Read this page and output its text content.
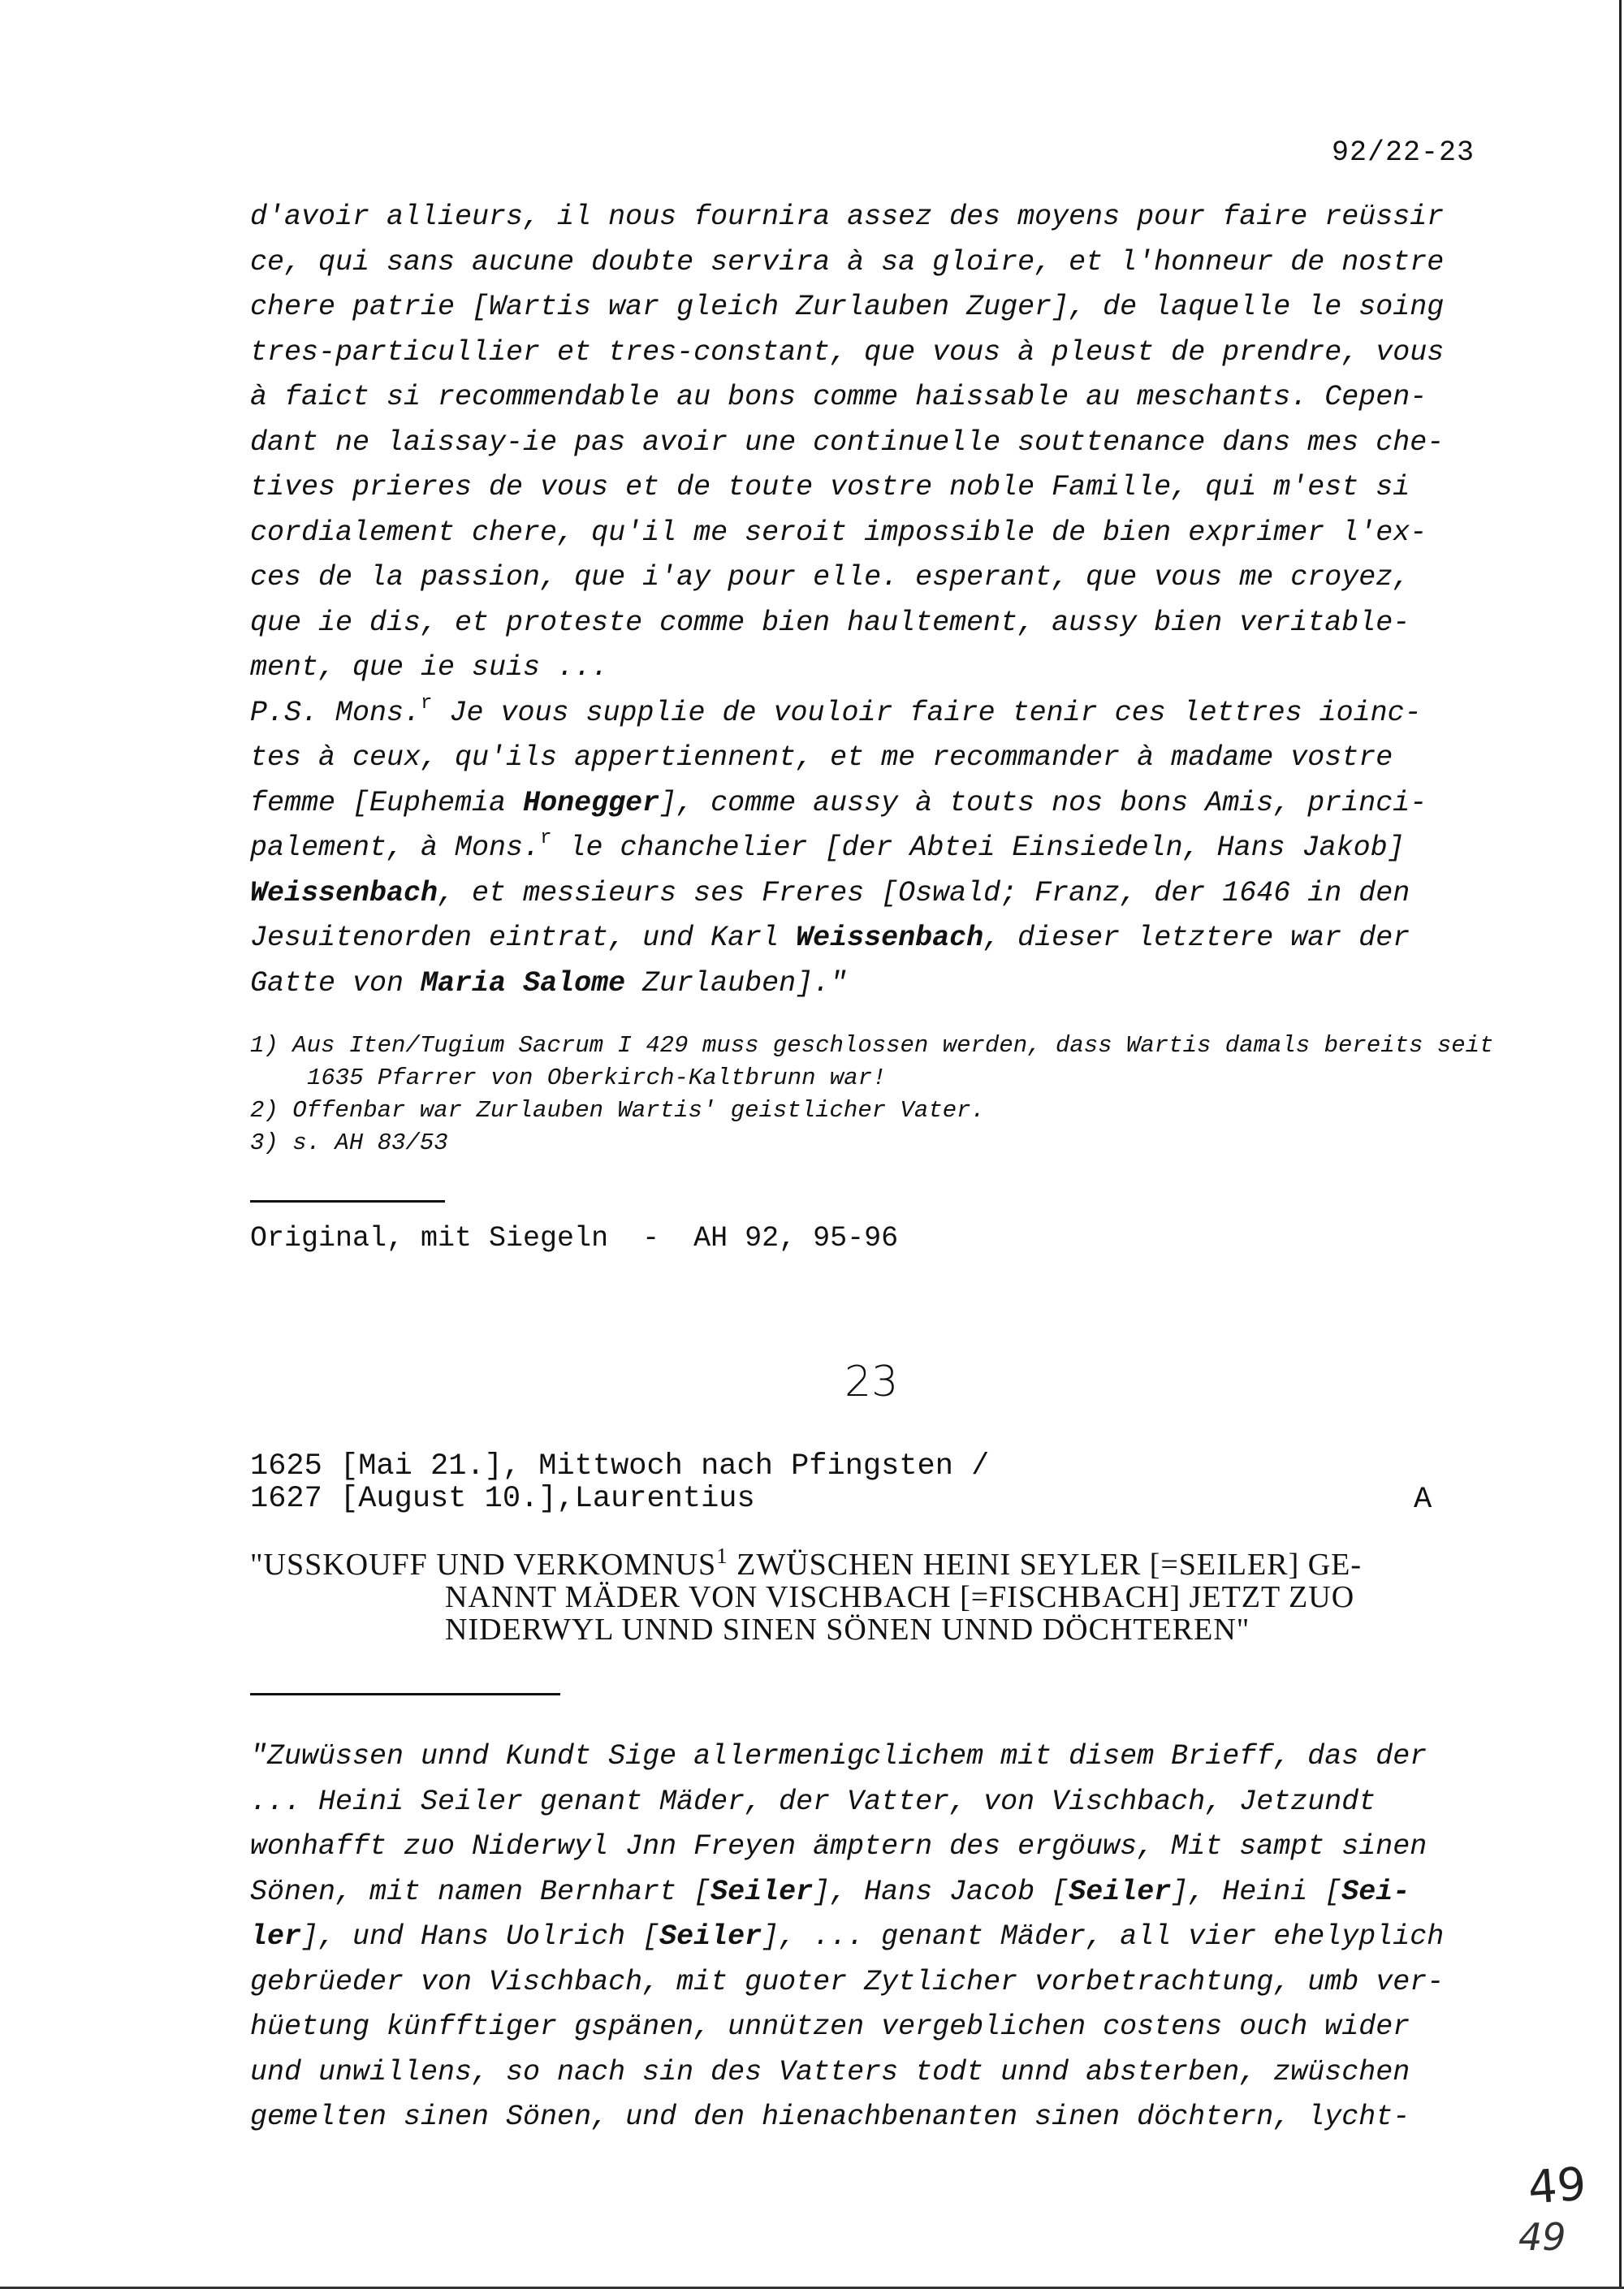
92/22-23
d'avoir allieurs, il nous fournira assez des moyens pour faire reüssir
ce, qui sans aucune doubte servira à sa gloire, et l'honneur de nostre
chere patrie [Wartis war gleich Zurlauben Zuger], de laquelle le soing
tres-particullier et tres-constant, que vous à pleust de prendre, vous
à faict si recommendable au bons comme haissable au meschants. Cepen-
dant ne laissay-ie pas avoir une continuelle souttenance dans mes che-
tives prieres de vous et de toute vostre noble Famille, qui m'est si
cordialement chere, qu'il me seroit impossible de bien exprimer l'ex-
ces de la passion, que i'ay pour elle. esperant, que vous me croyez,
que ie dis, et proteste comme bien haultement, aussy bien veritable-
ment, que ie suis ...
P.S. Mons.$^r$ Je vous supplie de vouloir faire tenir ces lettres ioinc-
tes à ceux, qu'ils appertiennent, et me recommander à madame vostre
femme [Euphemia Honegger], comme aussy à touts nos bons Amis, princi-
palement, à Mons.$^r$ le chanchelier [der Abtei Einsiedeln, Hans Jakob]
Weissenbach, et messieurs ses Freres [Oswald; Franz, der 1646 in den
Jesuitenorden eintrat, und Karl Weissenbach, dieser letztere war der
Gatte von Maria Salome Zurlauben]."
1) Aus Iten/Tugium Sacrum I 429 muss geschlossen werden, dass Wartis damals bereits seit 1635 Pfarrer von Oberkirch-Kaltbrunn war!
2) Offenbar war Zurlauben Wartis' geistlicher Vater.
3) s. AH 83/53
Original, mit Siegeln  -  AH 92, 95-96
23
1625 [Mai 21.], Mittwoch nach Pfingsten /
1627 [August 10.],Laurentius	A
"USSKOUFF UND VERKOMNUS$^1$ ZWÜSCHEN HEINI SEYLER [=SEILER] GE-
NANNT MÄDER VON VISCHBACH [=FISCHBACH] JETZT ZUO
NIDERWYL UNND SINEN SÖNEN UNND DÖCHTEREN"
"Zuwüssen unnd Kundt Sige allermenigclichem mit disem Brieff, das der
... Heini Seiler genant Mäder, der Vatter, von Vischbach, Jetzundt
wonhafft zuo Niderwyl Jnn Freyen ämptern des ergöuws, Mit sampt sinen
Sönen, mit namen Bernhart [Seiler], Hans Jacob [Seiler], Heini [Sei-
ler], und Hans Uolrich [Seiler], ... genant Mäder, all vier ehelyplich
gebrüeder von Vischbach, mit guoter Zytlicher vorbetrachtung, umb ver-
hüetung künfftiger gspänen, unnützen vergeblichen costens ouch wider
und unwillens, so nach sin des Vatters todt unnd absterben, zwüschen
gemelten sinen Sönen, und den hienachbenanten sinen döchtern, lycht-
49
49
